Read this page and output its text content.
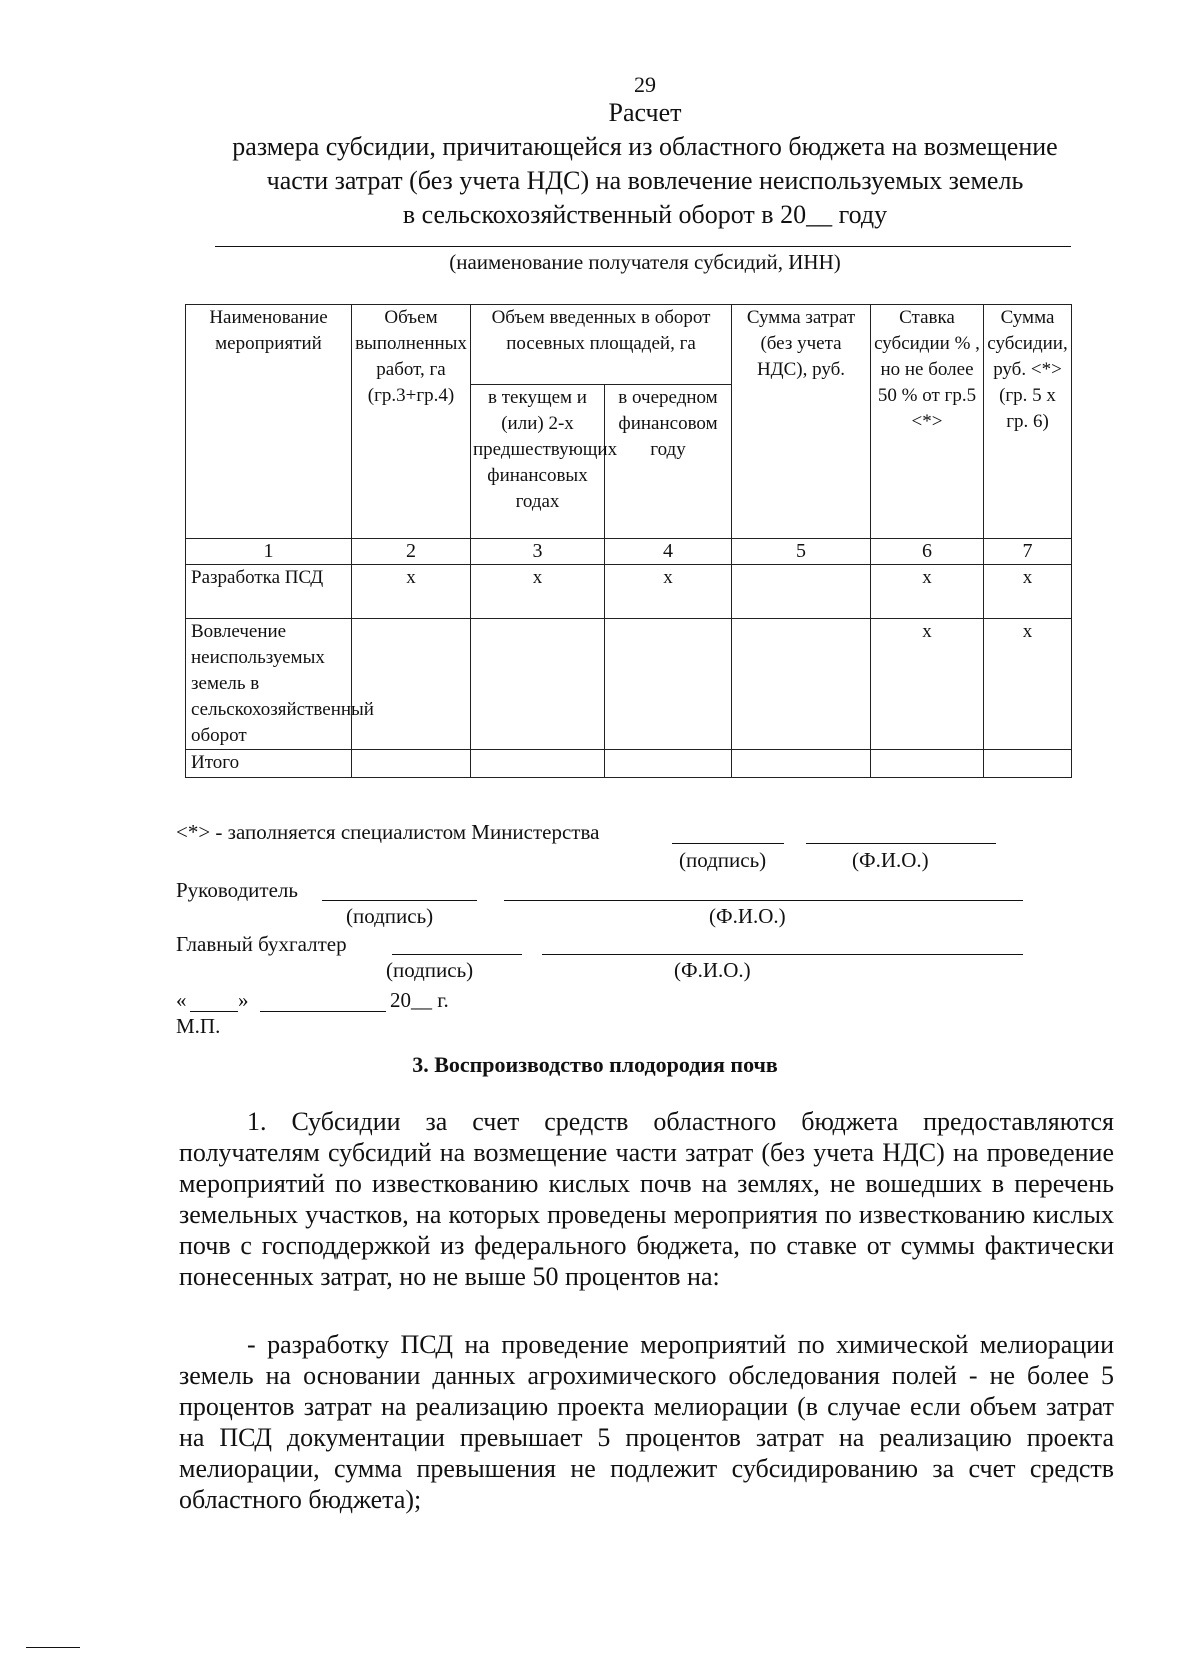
29
Расчет
размера субсидии, причитающейся из областного бюджета на возмещение
части затрат (без учета НДС) на вовлечение неиспользуемых земель
в сельскохозяйственный оборот в 20__ году
(наименование получателя субсидий, ИНН)
Наименование мероприятий	Объем выполненных работ, га (гр.3+гр.4)	Объем введенных в оборот посевных площадей, га		Сумма затрат (без учета НДС), руб.	Ставка субсидии % , но не более 50 % от гр.5 <*>	Сумма субсидии, руб. <*> (гр. 5 х гр. 6)
		в текущем и (или) 2-х предшествующих финансовых годах	в очередном финансовом году			
1	2	3	4	5	6	7
Разработка ПСД	х	х	х		х	х
Вовлечение неиспользуемых земель в сельскохозяйственный оборот					х	х
Итого						
<*> - заполняется специалистом Министерства
(подпись)	(Ф.И.О.)
Руководитель
(подпись)	(Ф.И.О.)
Главный бухгалтер
(подпись)	(Ф.И.О.)
« »	20__ г.
М.П.
3. Воспроизводство плодородия почв
1. Субсидии за счет средств областного бюджета предоставляются получателям субсидий на возмещение части затрат (без учета НДС) на проведение мероприятий по известкованию кислых почв на землях, не вошедших в перечень земельных участков, на которых проведены мероприятия по известкованию кислых почв с господдержкой из федерального бюджета, по ставке от суммы фактически понесенных затрат, но не выше 50 процентов на:
- разработку ПСД на проведение мероприятий по химической мелиорации земель на основании данных агрохимического обследования полей - не более 5 процентов затрат на реализацию проекта мелиорации (в случае если объем затрат на ПСД документации превышает 5 процентов затрат на реализацию проекта мелиорации, сумма превышения не подлежит субсидированию за счет средств областного бюджета);
